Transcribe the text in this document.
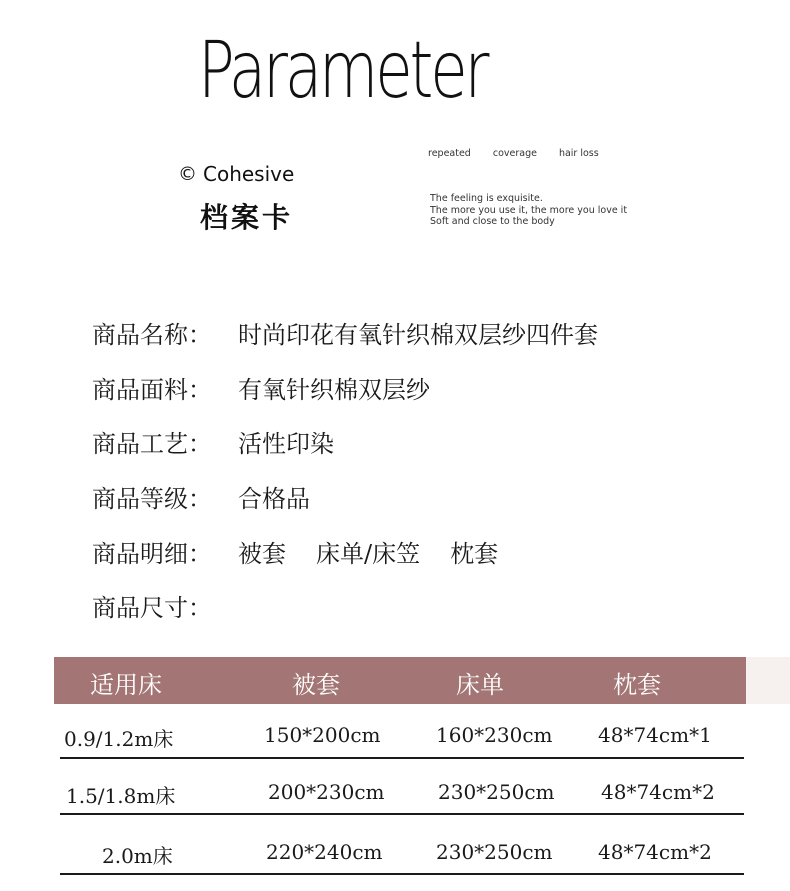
Parameter
© Cohesive
档案卡
repeated coverage hair loss
The feeling is exquisite.
The more you use it, the more you love it
Soft and close to the body
商品名称：	时尚印花有氧针织棉双层纱四件套
商品面料：	有氧针织棉双层纱
商品工艺：	活性印染
商品等级：	合格品
商品明细：	被套 床单/床笠 枕套
商品尺寸：
适用床	被套	床单	枕套
0.9/1.2m床	150*200cm	160*230cm 48*74cm*1
1.5/1.8m床	200*230cm	230*250cm 48*74cm*2
2.0m床	220*240cm	230*250cm 48*74cm*2
